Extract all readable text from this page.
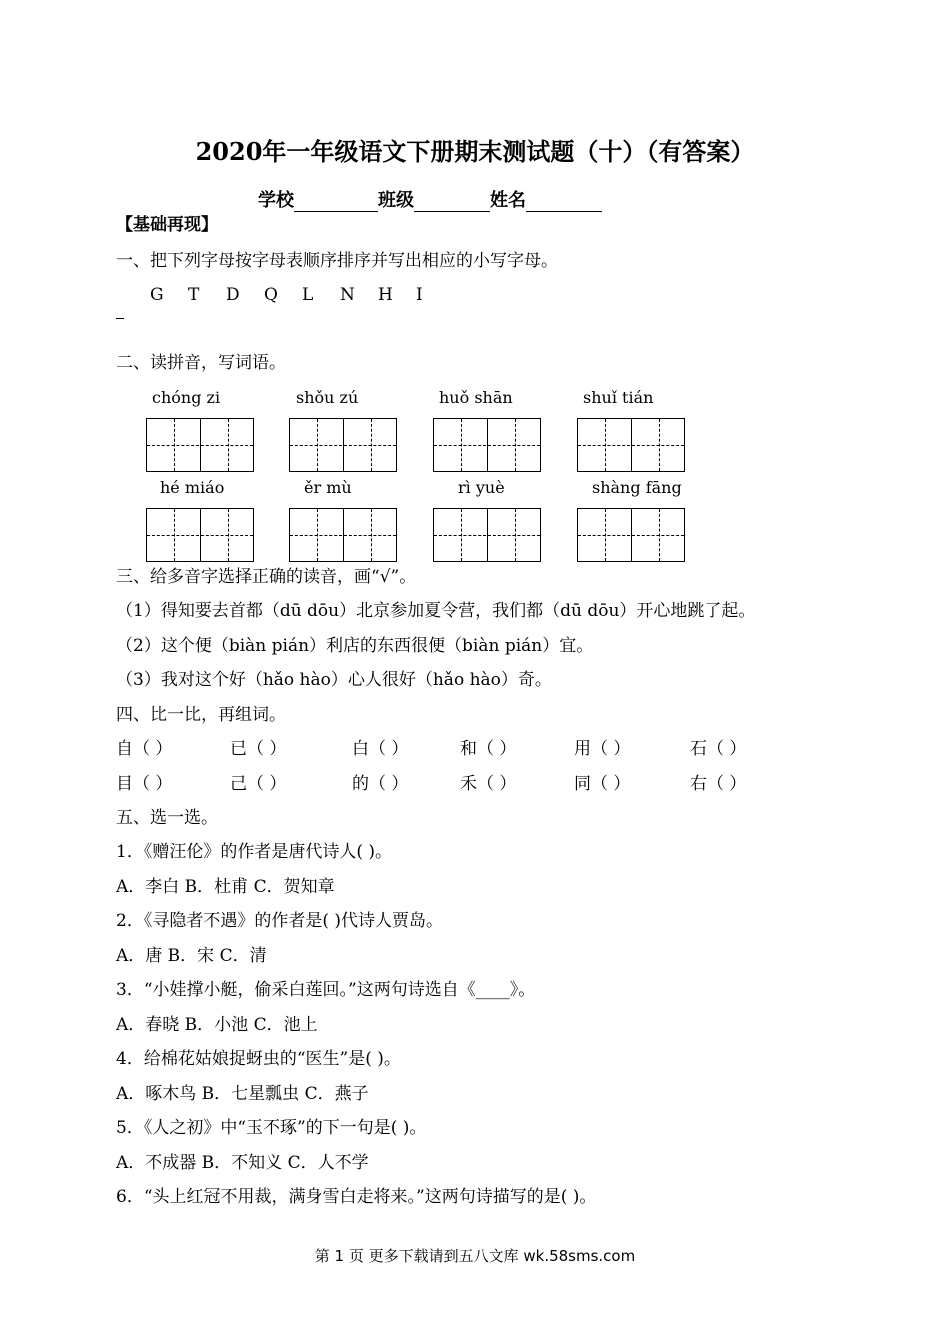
2020年一年级语文下册期末测试题（十）（有答案）
学校	班级	姓名
【基础再现】
一、把下列字母按字母表顺序排序并写出相应的小写字母。
G T D Q L N H I
二、读拼音，写词语。
chóng zi	shǒu zú	huǒ shān	shuǐ tián
hé miáo	ěr mù	rì yuè	shàng fāng
三、给多音字选择正确的读音，画“√”。
（1）得知要去首都（dū dōu）北京参加夏令营，我们都（dū dōu）开心地跳了起。
（2）这个便（biàn pián）利店的东西很便（biàn pián）宜。
（3）我对这个好（hǎo hào）心人很好（hǎo hào）奇。
四、比一比，再组词。
自（ ）	已（ ）	白（ ）	和（ ）	用（ ）	石（ ）
目（ ）	己（ ）	的（ ）	禾（ ）	同（ ）	右（ ）
五、选一选。
1．《赠汪伦》的作者是唐代诗人( )。
A．李白 B．杜甫 C．贺知章
2．《寻隐者不遇》的作者是( )代诗人贾岛。
A．唐 B．宋 C．清
3．“小娃撑小艇，偷采白莲回。”这两句诗选自《____》。
A．春晓 B．小池 C．池上
4．给棉花姑娘捉蚜虫的“医生”是( )。
A．啄木鸟 B．七星瓢虫 C．燕子
5．《人之初》中“玉不琢”的下一句是( )。
A．不成器 B．不知义 C．人不学
6．“头上红冠不用裁，满身雪白走将来。”这两句诗描写的是( )。
第 1 页 更多下载请到五八文库 wk.58sms.com
